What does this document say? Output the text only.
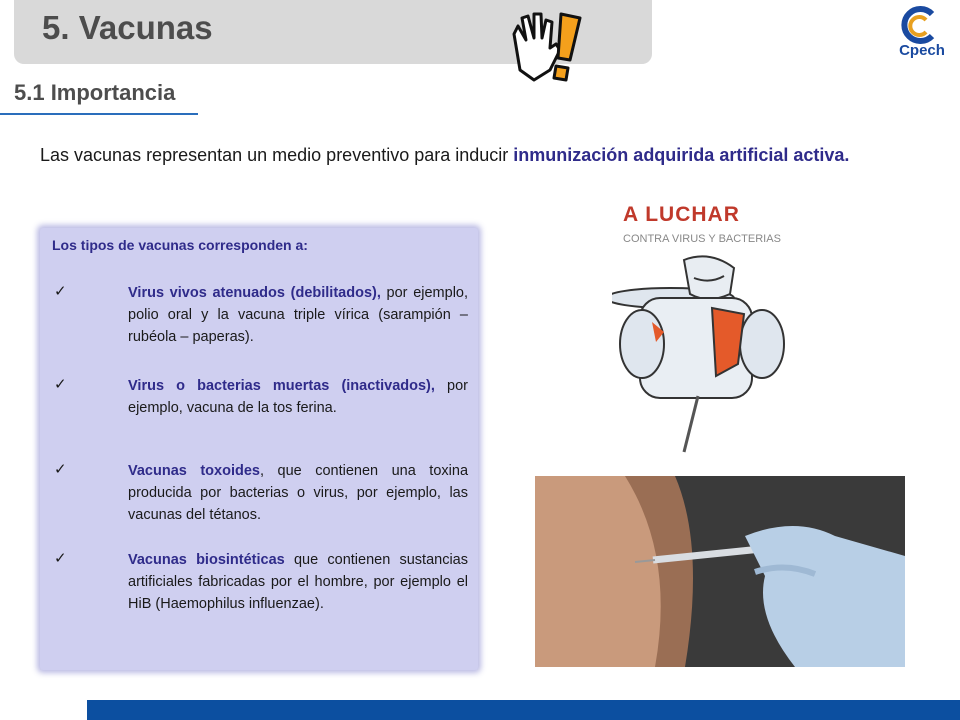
5. Vacunas
Cpech
5.1 Importancia

Las vacunas representan un medio preventivo para inducir inmunización adquirida artificial activa.

Los tipos de vacunas corresponden a:

✓	Virus vivos atenuados (debilitados), por ejemplo, polio oral y la vacuna triple vírica (sarampión – rubéola – paperas).

✓	Virus o bacterias muertas (inactivados), por ejemplo, vacuna de la tos ferina.

✓	Vacunas toxoides, que contienen una toxina producida por bacterias o virus, por ejemplo, las vacunas del tétanos.

✓	Vacunas biosintéticas que contienen sustancias artificiales fabricadas por el hombre, por ejemplo el HiB (Haemophilus influenzae).

A LUCHAR

CONTRA VIRUS Y BACTERIAS
